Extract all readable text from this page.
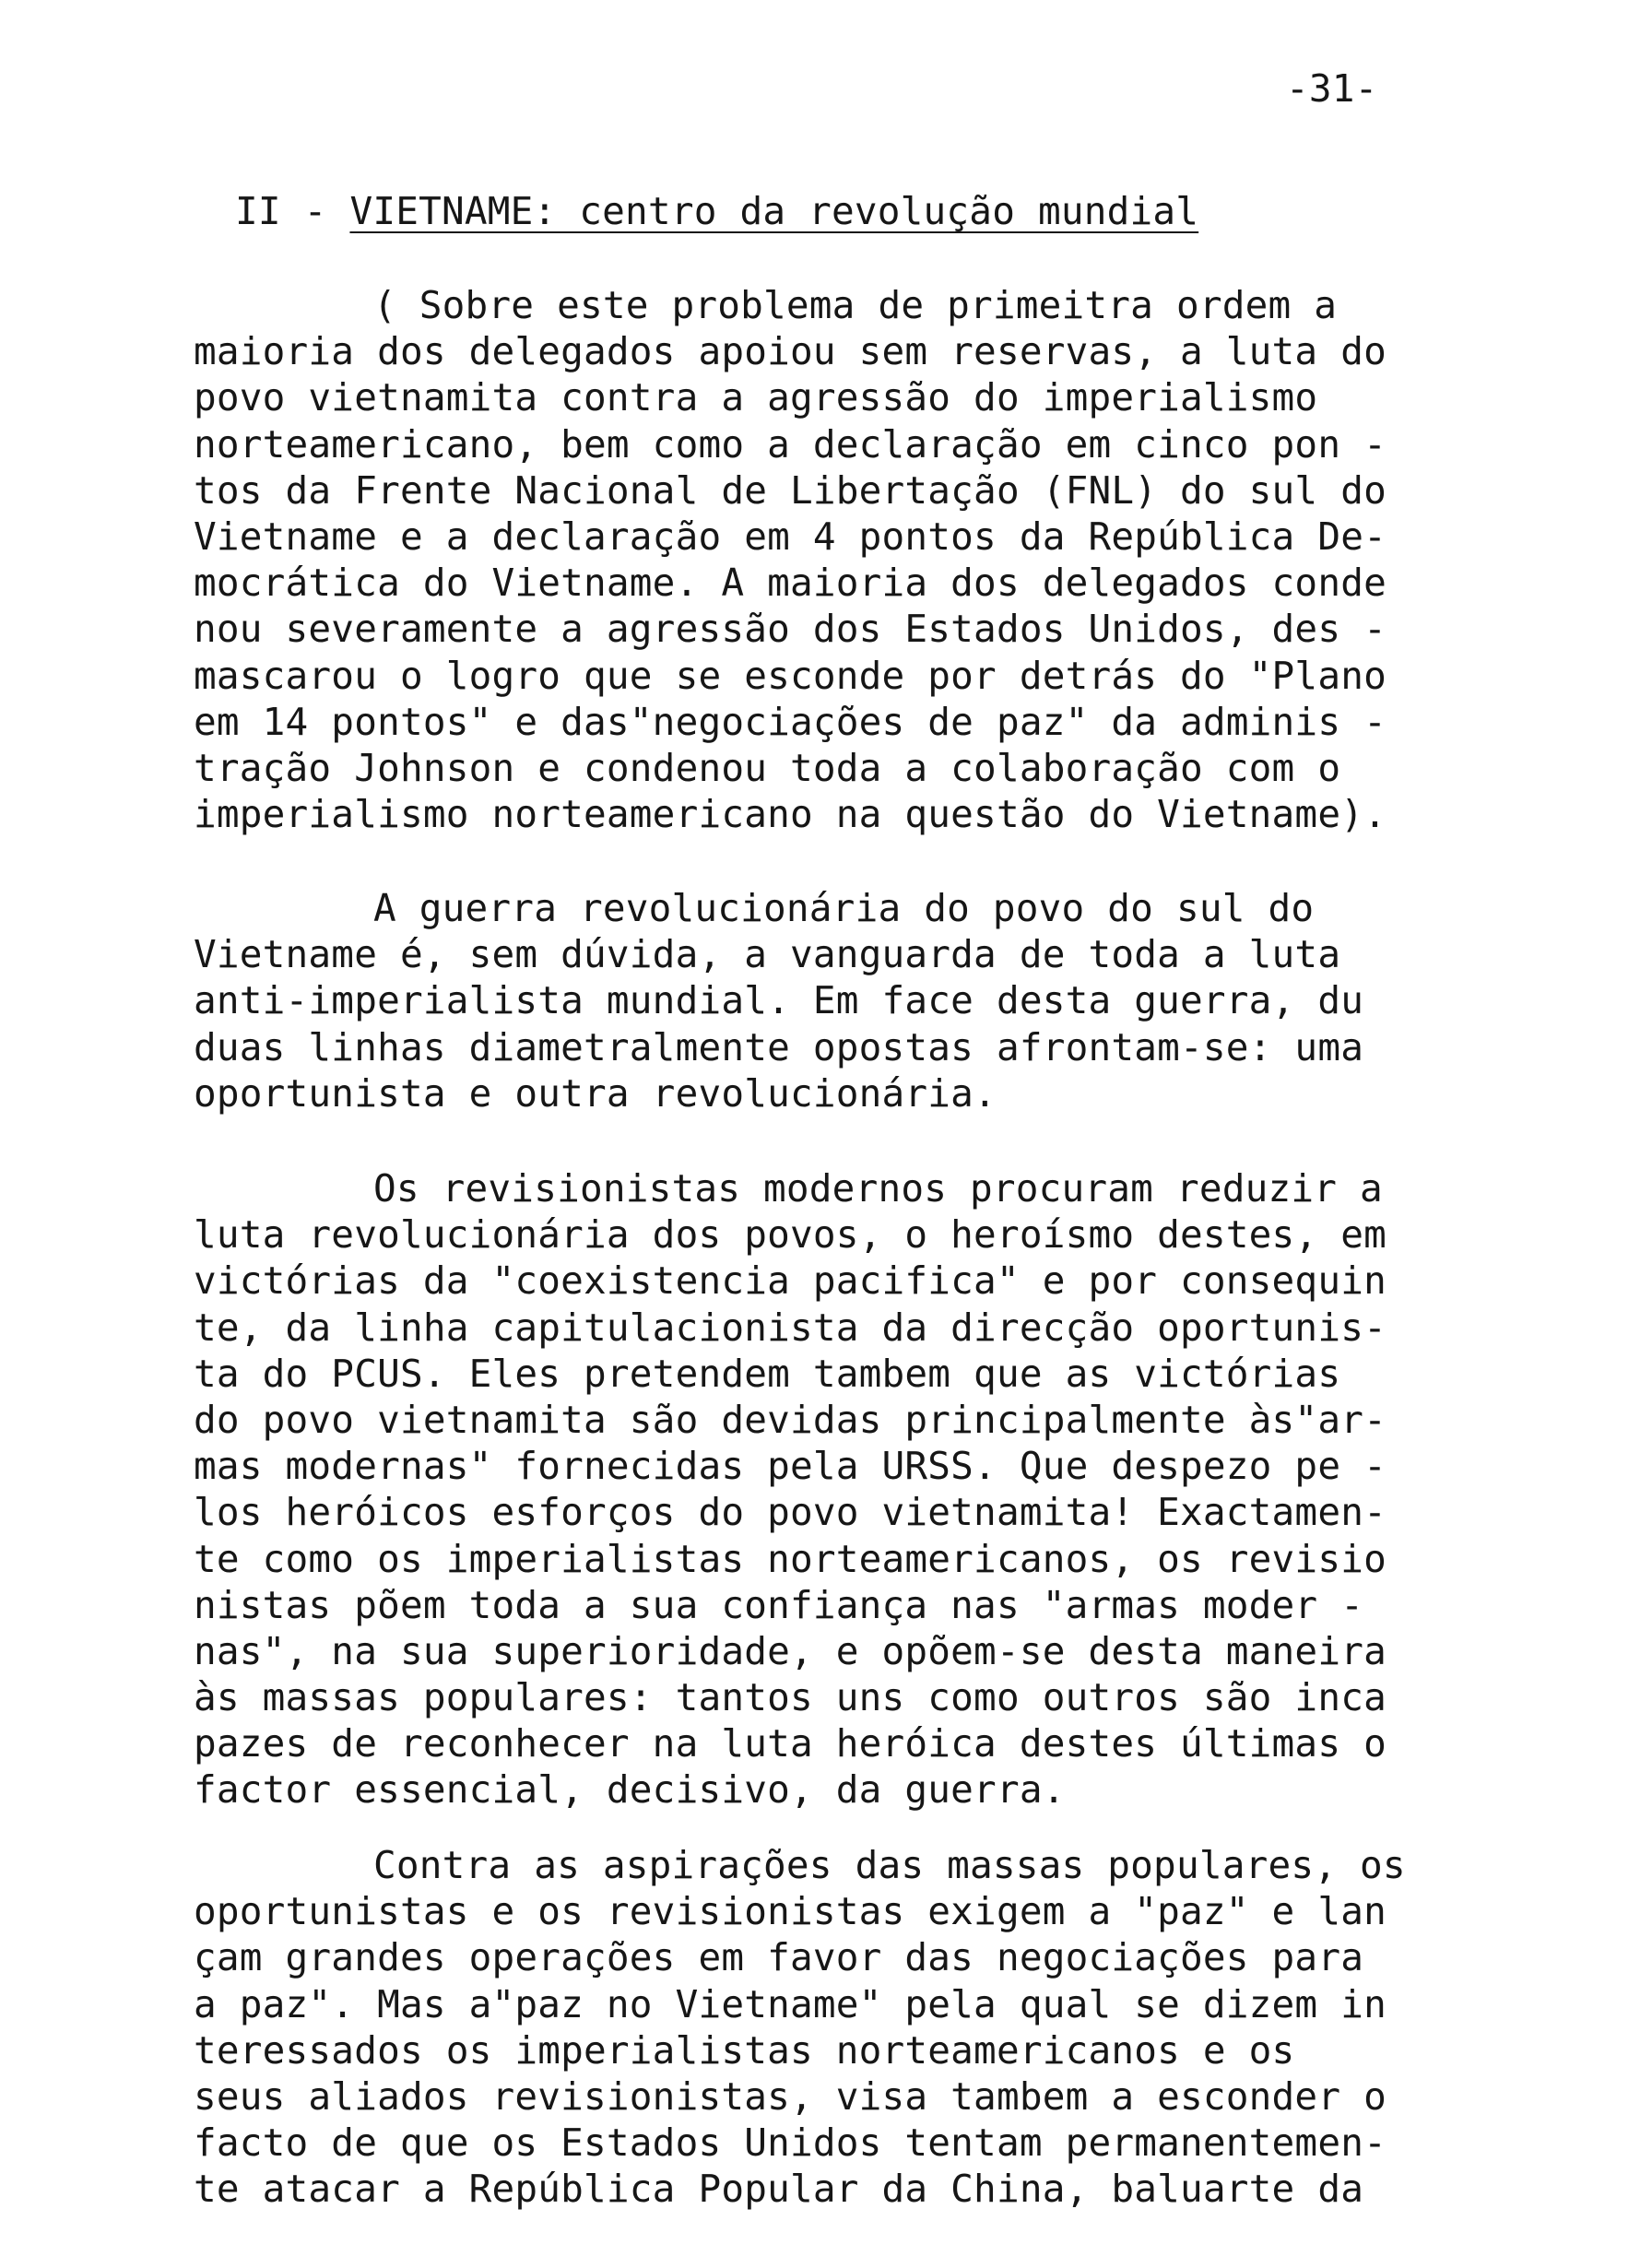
-31-
II - VIETNAME: centro da revolução mundial
( Sobre este problema de primeitra ordem a
maioria dos delegados apoiou sem reservas, a luta do
povo vietnamita contra a agressão do imperialismo
norteamericano, bem como a declaração em cinco pon -
tos da Frente Nacional de Libertação (FNL) do sul do
Vietname e a declaração em 4 pontos da República De-
mocrática do Vietname. A maioria dos delegados conde
nou severamente a agressão dos Estados Unidos, des -
mascarou o logro que se esconde por detrás do "Plano
em 14 pontos" e das"negociações de paz" da adminis -
tração Johnson e condenou toda a colaboração com o
imperialismo norteamericano na questão do Vietname).
A guerra revolucionária do povo do sul do
Vietname é, sem dúvida, a vanguarda de toda a luta
anti-imperialista mundial. Em face desta guerra, du
duas linhas diametralmente opostas afrontam-se: uma
oportunista e outra revolucionária.
Os revisionistas modernos procuram reduzir a
luta revolucionária dos povos, o heroísmo destes, em
victórias da "coexistencia pacifica" e por consequin
te, da linha capitulacionista da direcção oportunis-
ta do PCUS. Eles pretendem tambem que as victórias
do povo vietnamita são devidas principalmente às"ar-
mas modernas" fornecidas pela URSS. Que despezo pe -
los heróicos esforços do povo vietnamita! Exactamen-
te como os imperialistas norteamericanos, os revisio
nistas põem toda a sua confiança nas "armas moder -
nas", na sua superioridade, e opõem-se desta maneira
às massas populares: tantos uns como outros são inca
pazes de reconhecer na luta heróica destes últimas o
factor essencial, decisivo, da guerra.
Contra as aspirações das massas populares, os
oportunistas e os revisionistas exigem a "paz" e lan
çam grandes operações em favor das negociações para
a paz". Mas a"paz no Vietname" pela qual se dizem in
teressados os imperialistas norteamericanos e os
seus aliados revisionistas, visa tambem a esconder o
facto de que os Estados Unidos tentam permanentemen-
te atacar a República Popular da China, baluarte da
